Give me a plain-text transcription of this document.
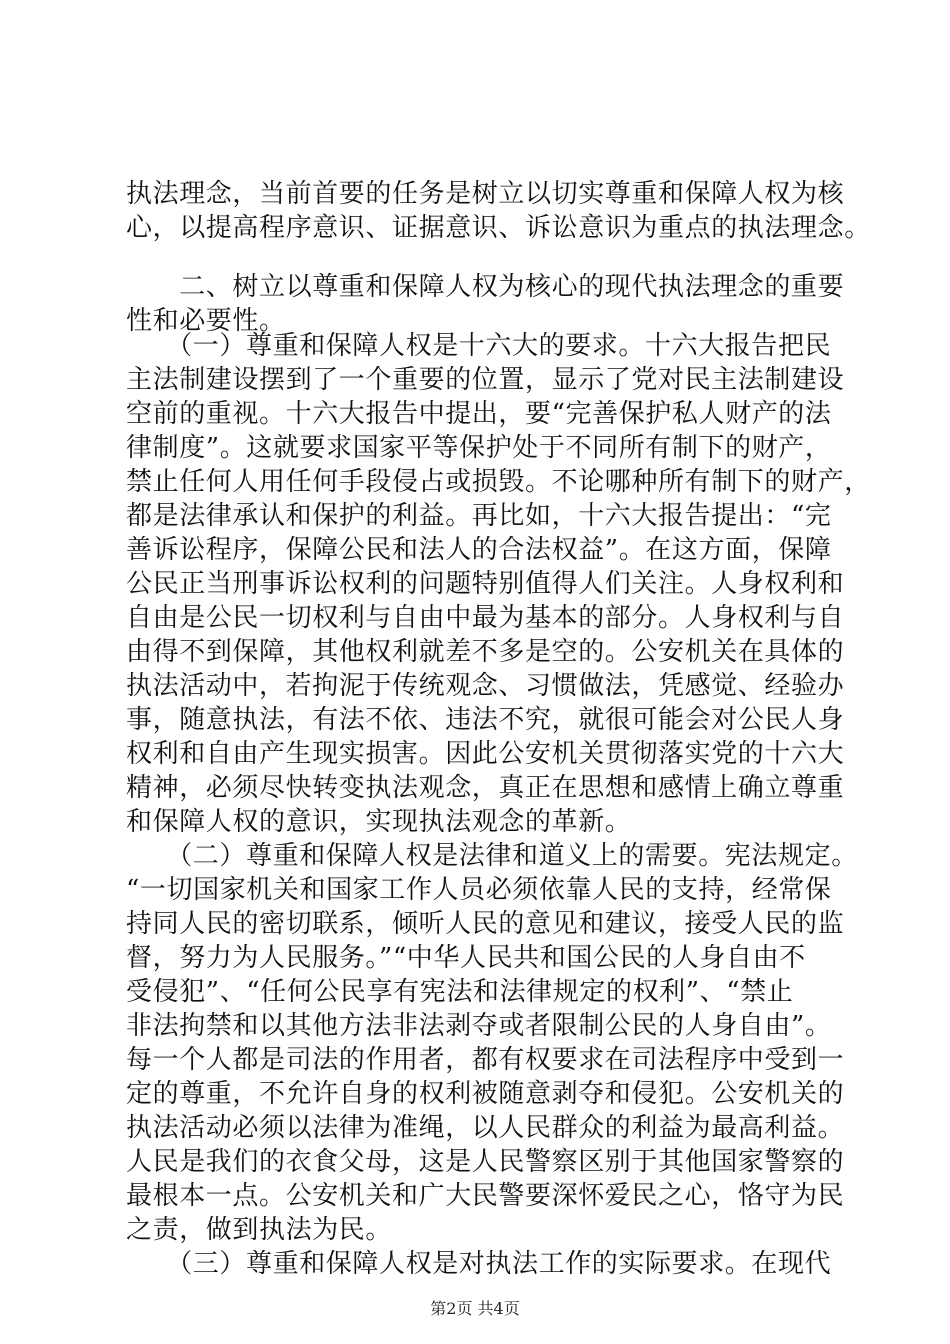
执法理念，当前首要的任务是树立以切实尊重和保障人权为核
心，以提高程序意识、证据意识、诉讼意识为重点的执法理念。
　　二、树立以尊重和保障人权为核心的现代执法理念的重要
性和必要性。
　　（一）尊重和保障人权是十六大的要求。十六大报告把民
主法制建设摆到了一个重要的位置，显示了党对民主法制建设
空前的重视。十六大报告中提出，要“完善保护私人财产的法
律制度”。这就要求国家平等保护处于不同所有制下的财产，
禁止任何人用任何手段侵占或损毁。不论哪种所有制下的财产，
都是法律承认和保护的利益。再比如，十六大报告提出：“完
善诉讼程序，保障公民和法人的合法权益”。在这方面，保障
公民正当刑事诉讼权利的问题特别值得人们关注。人身权利和
自由是公民一切权利与自由中最为基本的部分。人身权利与自
由得不到保障，其他权利就差不多是空的。公安机关在具体的
执法活动中，若拘泥于传统观念、习惯做法，凭感觉、经验办
事，随意执法，有法不依、违法不究，就很可能会对公民人身
权利和自由产生现实损害。因此公安机关贯彻落实党的十六大
精神，必须尽快转变执法观念，真正在思想和感情上确立尊重
和保障人权的意识，实现执法观念的革新。
　　（二）尊重和保障人权是法律和道义上的需要。宪法规定。
“一切国家机关和国家工作人员必须依靠人民的支持，经常保
持同人民的密切联系，倾听人民的意见和建议，接受人民的监
督，努力为人民服务。”“中华人民共和国公民的人身自由不
受侵犯”、“任何公民享有宪法和法律规定的权利”、“禁止
非法拘禁和以其他方法非法剥夺或者限制公民的人身自由”。
每一个人都是司法的作用者，都有权要求在司法程序中受到一
定的尊重，不允许自身的权利被随意剥夺和侵犯。公安机关的
执法活动必须以法律为准绳，以人民群众的利益为最高利益。
人民是我们的衣食父母，这是人民警察区别于其他国家警察的
最根本一点。公安机关和广大民警要深怀爱民之心，恪守为民
之责，做到执法为民。
　　（三）尊重和保障人权是对执法工作的实际要求。在现代
第2页 共4页
